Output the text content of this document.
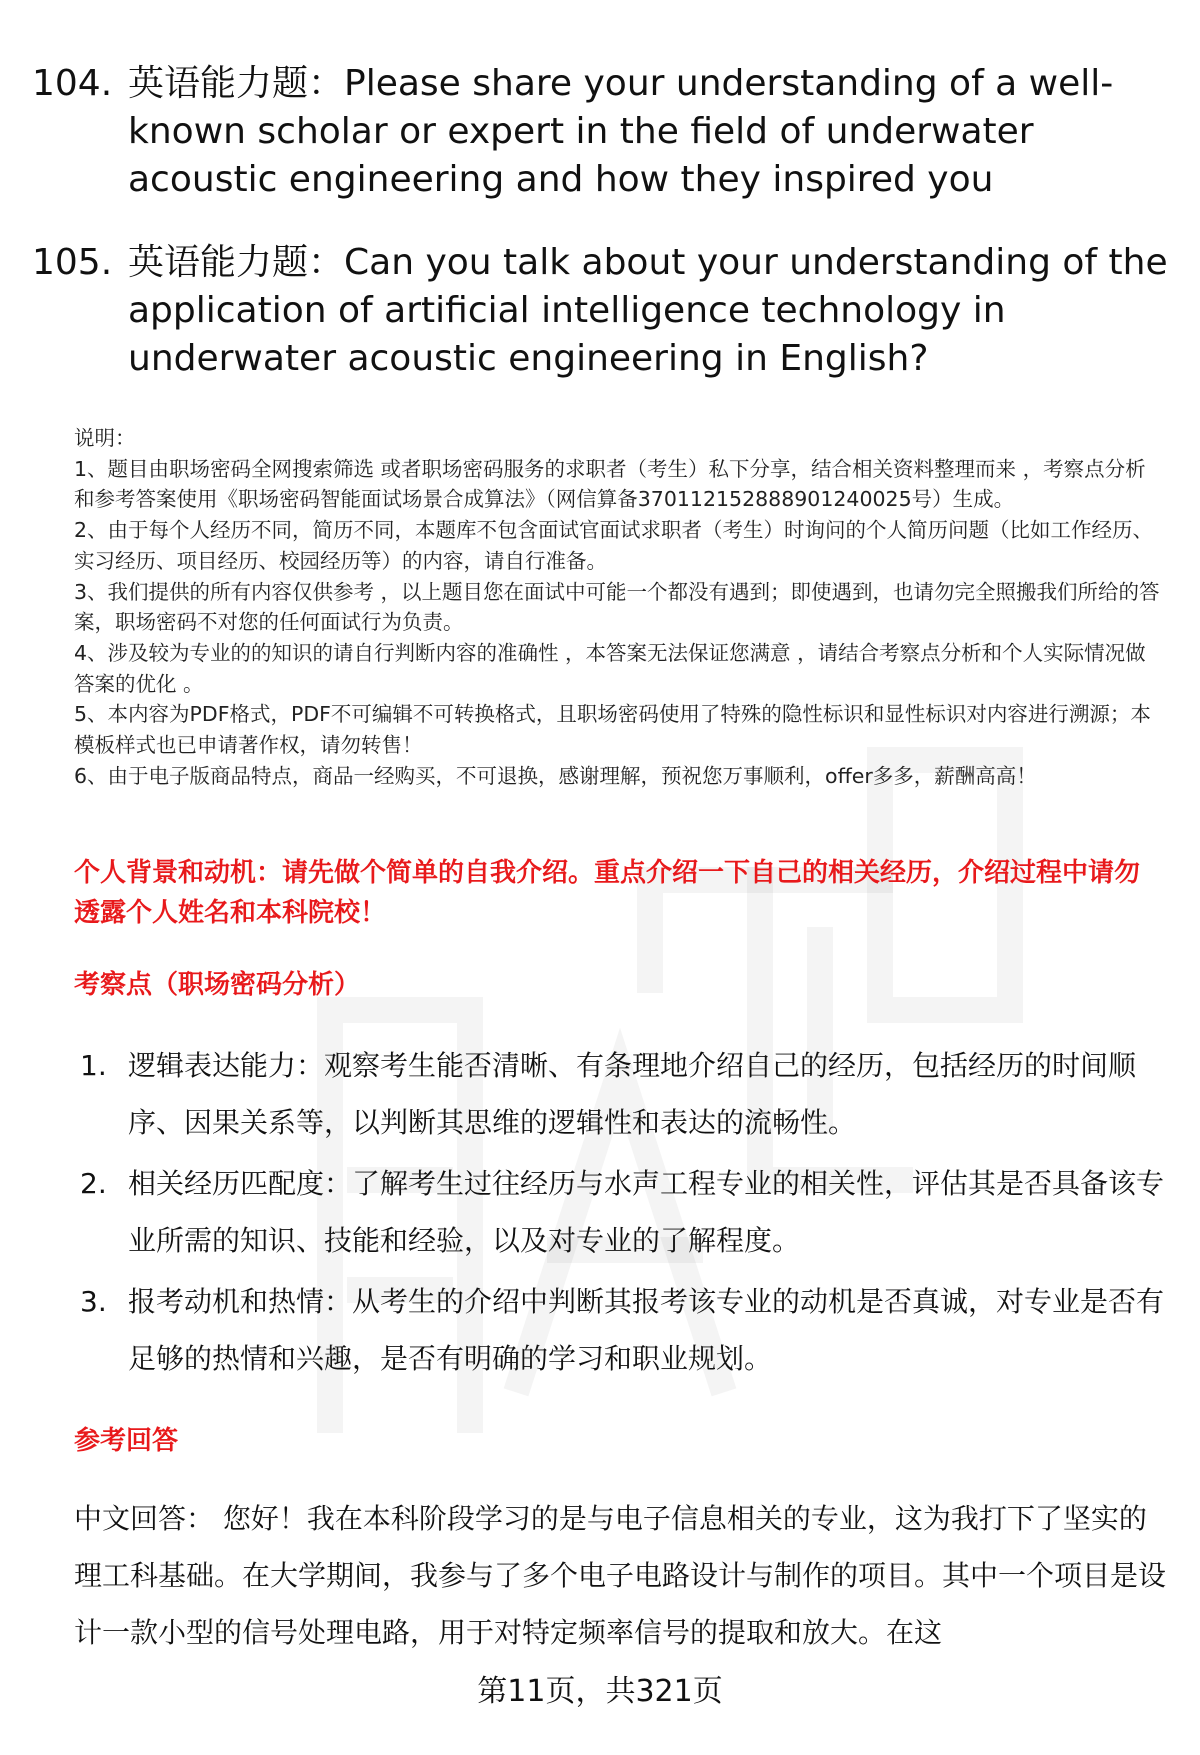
104. 英语能力题：Please share your understanding of a well-known scholar or expert in the field of underwater acoustic engineering and how they inspired you
105. 英语能力题：Can you talk about your understanding of the application of artificial intelligence technology in underwater acoustic engineering in English?

说明：

1、题目由职场密码全网搜索筛选 或者职场密码服务的求职者（考生）私下分享，结合相关资料整理而来 ，考察点分析和参考答案使用《职场密码智能面试场景合成算法》（网信算备370112152888901240025号）生成。

2、由于每个人经历不同，简历不同，本题库不包含面试官面试求职者（考生）时询问的个人简历问题（比如工作经历、实习经历、项目经历、校园经历等）的内容，请自行准备。

3、我们提供的所有内容仅供参考 ，以上题目您在面试中可能一个都没有遇到；即使遇到，也请勿完全照搬我们所给的答案，职场密码不对您的任何面试行为负责。

4、涉及较为专业的的知识的请自行判断内容的准确性 ，本答案无法保证您满意 ，请结合考察点分析和个人实际情况做答案的优化 。

5、本内容为PDF格式，PDF不可编辑不可转换格式，且职场密码使用了特殊的隐性标识和显性标识对内容进行溯源；本模板样式也已申请著作权，请勿转售！

6、由于电子版商品特点，商品一经购买，不可退换，感谢理解，预祝您万事顺利，offer多多，薪酬高高！

个人背景和动机：请先做个简单的自我介绍。重点介绍一下自己的相关经历，介绍过程中请勿透露个人姓名和本科院校！
考察点（职场密码分析）
1. 逻辑表达能力：观察考生能否清晰、有条理地介绍自己的经历，包括经历的时间顺序、因果关系等，以判断其思维的逻辑性和表达的流畅性。
2. 相关经历匹配度：了解考生过往经历与水声工程专业的相关性，评估其是否具备该专业所需的知识、技能和经验，以及对专业的了解程度。
3. 报考动机和热情：从考生的介绍中判断其报考该专业的动机是否真诚，对专业是否有足够的热情和兴趣，是否有明确的学习和职业规划。
参考回答
中文回答： 您好！我在本科阶段学习的是与电子信息相关的专业，这为我打下了坚实的理工科基础。在大学期间，我参与了多个电子电路设计与制作的项目。其中一个项目是设计一款小型的信号处理电路，用于对特定频率信号的提取和放大。在这
第11页，共321页
